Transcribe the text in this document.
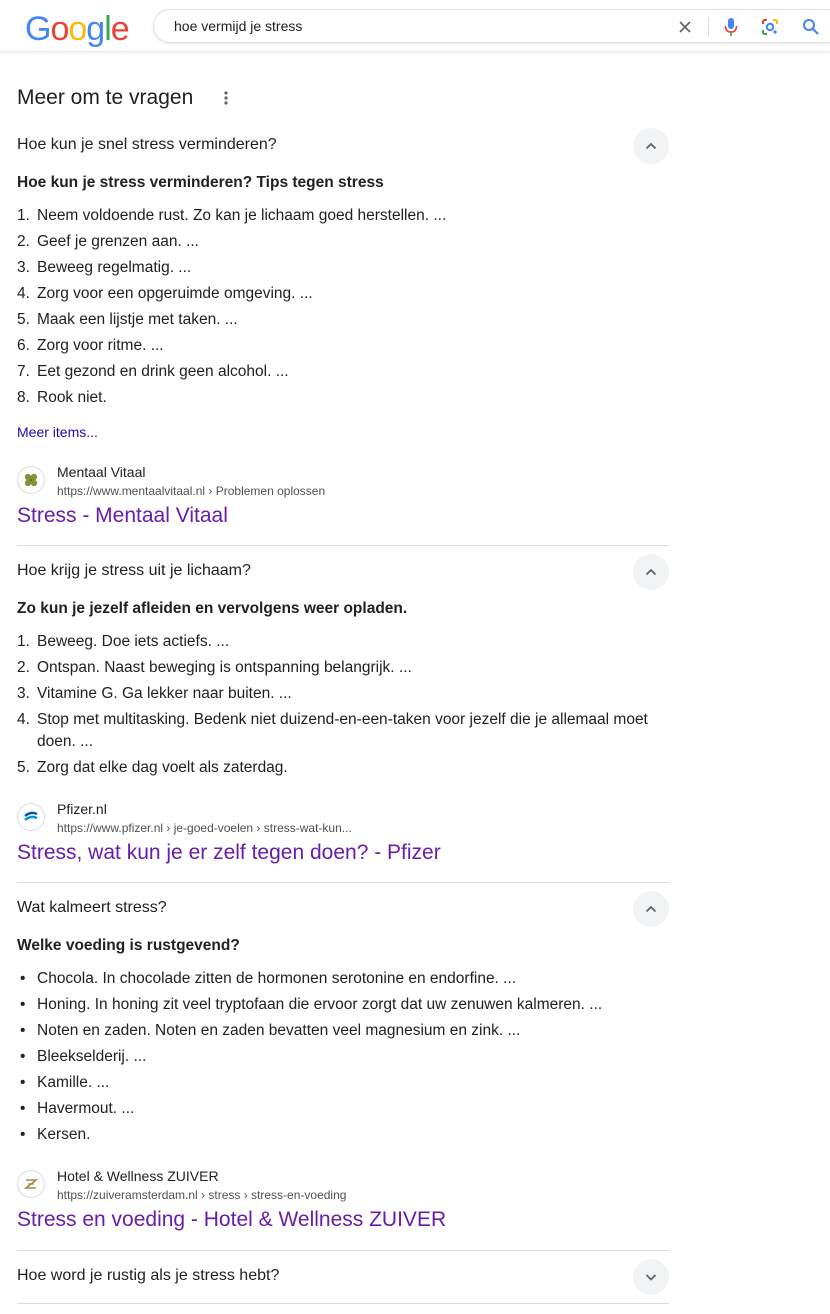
Google
hoe vermijd je stress
Meer om te vragen
Hoe kun je snel stress verminderen?
Hoe kun je stress verminderen? Tips tegen stress
1. Neem voldoende rust. Zo kan je lichaam goed herstellen. ...
2. Geef je grenzen aan. ...
3. Beweeg regelmatig. ...
4. Zorg voor een opgeruimde omgeving. ...
5. Maak een lijstje met taken. ...
6. Zorg voor ritme. ...
7. Eet gezond en drink geen alcohol. ...
8. Rook niet.
Meer items...
Mentaal Vitaal
https://www.mentaalvitaal.nl › Problemen oplossen
Stress - Mentaal Vitaal
Hoe krijg je stress uit je lichaam?
Zo kun je jezelf afleiden en vervolgens weer opladen.
1. Beweeg. Doe iets actiefs. ...
2. Ontspan. Naast beweging is ontspanning belangrijk. ...
3. Vitamine G. Ga lekker naar buiten. ...
4. Stop met multitasking. Bedenk niet duizend-en-een-taken voor jezelf die je allemaal moet doen. ...
5. Zorg dat elke dag voelt als zaterdag.
Pfizer.nl
https://www.pfizer.nl › je-goed-voelen › stress-wat-kun...
Stress, wat kun je er zelf tegen doen? - Pfizer
Wat kalmeert stress?
Welke voeding is rustgevend?
• Chocola. In chocolade zitten de hormonen serotonine en endorfine. ...
• Honing. In honing zit veel tryptofaan die ervoor zorgt dat uw zenuwen kalmeren. ...
• Noten en zaden. Noten en zaden bevatten veel magnesium en zink. ...
• Bleekselderij. ...
• Kamille. ...
• Havermout. ...
• Kersen.
Hotel & Wellness ZUIVER
https://zuiveramsterdam.nl › stress › stress-en-voeding
Stress en voeding - Hotel & Wellness ZUIVER
Hoe word je rustig als je stress hebt?
